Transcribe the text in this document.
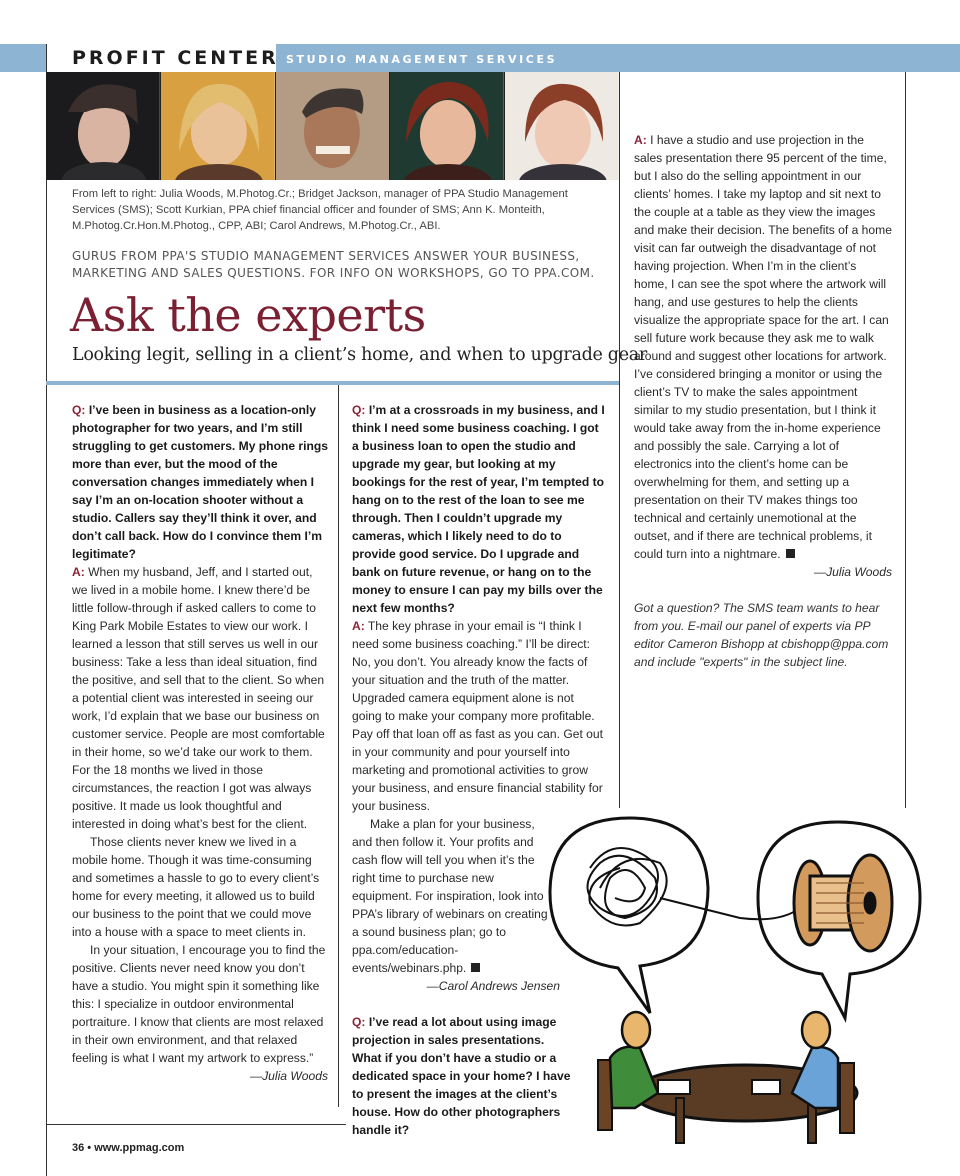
PROFIT CENTER STUDIO MANAGEMENT SERVICES
From left to right: Julia Woods, M.Photog.Cr.; Bridget Jackson, manager of PPA Studio Management Services (SMS); Scott Kurkian, PPA chief financial officer and founder of SMS; Ann K. Monteith, M.Photog.Cr.Hon.M.Photog., CPP, ABI; Carol Andrews, M.Photog.Cr., ABI.
GURUS FROM PPA'S STUDIO MANAGEMENT SERVICES ANSWER YOUR BUSINESS, MARKETING AND SALES QUESTIONS. FOR INFO ON WORKSHOPS, GO TO PPA.COM.
Ask the experts
Looking legit, selling in a client’s home, and when to upgrade gear

Q: I’ve been in business as a location-only photographer for two years, and I’m still struggling to get customers. My phone rings more than ever, but the mood of the conversation changes immediately when I say I’m an on-location shooter without a studio. Callers say they’ll think it over, and don’t call back. How do I convince them I’m legitimate?

A: When my husband, Jeff, and I started out, we lived in a mobile home. I knew there’d be little follow-through if asked callers to come to King Park Mobile Estates to view our work. I learned a lesson that still serves us well in our business: Take a less than ideal situation, find the positive, and sell that to the client. So when a potential client was interested in seeing our work, I’d explain that we base our business on customer service. People are most comfortable in their home, so we’d take our work to them. For the 18 months we lived in those circumstances, the reaction I got was always positive. It made us look thoughtful and interested in doing what’s best for the client.

Those clients never knew we lived in a mobile home. Though it was time-consuming and sometimes a hassle to go to every client’s home for every meeting, it allowed us to build our business to the point that we could move into a house with a space to meet clients in.

In your situation, I encourage you to find the positive. Clients never need know you don’t have a studio. You might spin it something like this: I specialize in outdoor environmental portraiture. I know that clients are most relaxed in their own environment, and that relaxed feeling is what I want my artwork to express.”

—Julia Woods

Q: I’m at a crossroads in my business, and I think I need some business coaching. I got a business loan to open the studio and upgrade my gear, but looking at my bookings for the rest of year, I’m tempted to hang on to the rest of the loan to see me through. Then I couldn’t upgrade my cameras, which I likely need to do to provide good service. Do I upgrade and bank on future revenue, or hang on to the money to ensure I can pay my bills over the next few months?

A: The key phrase in your email is “I think I need some business coaching.” I’ll be direct: No, you don’t. You already know the facts of your situation and the truth of the matter. Upgraded camera equipment alone is not going to make your company more profitable. Pay off that loan off as fast as you can. Get out in your community and pour yourself into marketing and promotional activities to grow your business, and ensure financial stability for your business.

Make a plan for your business, and then follow it. Your profits and cash flow will tell you when it’s the right time to purchase new equipment. For inspiration, look into PPA’s library of webinars on creating a sound business plan; go to ppa.com/education-events/webinars.php.

—Carol Andrews Jensen

Q: I’ve read a lot about using image projection in sales presentations. What if you don’t have a studio or a dedicated space in your home? I have to present the images at the client’s house. How do other photographers handle it?

A: I have a studio and use projection in the sales presentation there 95 percent of the time, but I also do the selling appointment in our clients’ homes. I take my laptop and sit next to the couple at a table as they view the images and make their decision. The benefits of a home visit can far outweigh the disadvantage of not having projection. When I’m in the client’s home, I can see the spot where the artwork will hang, and use gestures to help the clients visualize the appropriate space for the art. I can sell future work because they ask me to walk around and suggest other locations for artwork. I’ve considered bringing a monitor or using the client’s TV to make the sales appointment similar to my studio presentation, but I think it would take away from the in-home experience and possibly the sale. Carrying a lot of electronics into the client’s home can be overwhelming for them, and setting up a presentation on their TV makes things too technical and certainly unemotional at the outset, and if there are technical problems, it could turn into a nightmare.

—Julia Woods

Got a question? The SMS team wants to hear from you. E-mail our panel of experts via PP editor Cameron Bishopp at cbishopp@ppa.com and include "experts" in the subject line.

36 • www.ppmag.com
